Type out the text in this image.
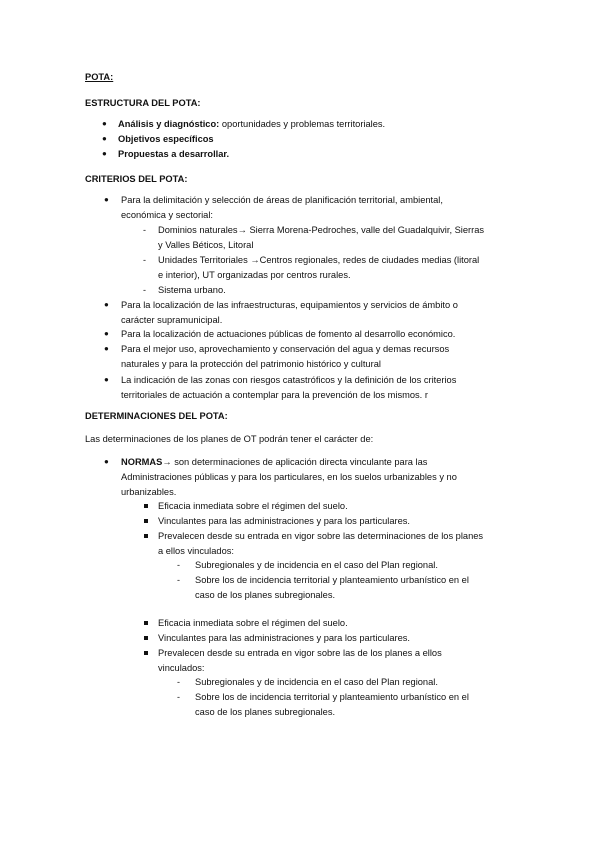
POTA:
ESTRUCTURA DEL POTA:
● Análisis y diagnóstico: oportunidades y problemas territoriales.
● Objetivos específicos
● Propuestas a desarrollar.
CRITERIOS DEL POTA:
● Para la delimitación y selección de áreas de planificación territorial, ambiental,
económica y sectorial:
- Dominios naturales→ Sierra Morena-Pedroches, valle del Guadalquivir, Sierras
y Valles Béticos, Litoral
- Unidades Territoriales →Centros regionales, redes de ciudades medias (litoral
e interior), UT organizadas por centros rurales.
- Sistema urbano.
● Para la localización de las infraestructuras, equipamientos y servicios de ámbito o
carácter supramunicipal.
● Para la localización de actuaciones públicas de fomento al desarrollo económico.
● Para el mejor uso, aprovechamiento y conservación del agua y demas recursos
naturales y para la protección del patrimonio histórico y cultural
● La indicación de las zonas con riesgos catastróficos y la definición de los criterios
territoriales de actuación a contemplar para la prevención de los mismos. r
DETERMINACIONES DEL POTA:
Las determinaciones de los planes de OT podrán tener el carácter de:
● NORMAS→ son determinaciones de aplicación directa vinculante para las
Administraciones públicas y para los particulares, en los suelos urbanizables y no
urbanizables.
Eficacia inmediata sobre el régimen del suelo.
Vinculantes para las administraciones y para los particulares.
Prevalecen desde su entrada en vigor sobre las determinaciones de los planes
a ellos vinculados:
- Subregionales y de incidencia en el caso del Plan regional.
- Sobre los de incidencia territorial y planteamiento urbanístico en el
caso de los planes subregionales.
Eficacia inmediata sobre el régimen del suelo.
Vinculantes para las administraciones y para los particulares.
Prevalecen desde su entrada en vigor sobre las de los planes a ellos
vinculados:
- Subregionales y de incidencia en el caso del Plan regional.
- Sobre los de incidencia territorial y planteamiento urbanístico en el
caso de los planes subregionales.
